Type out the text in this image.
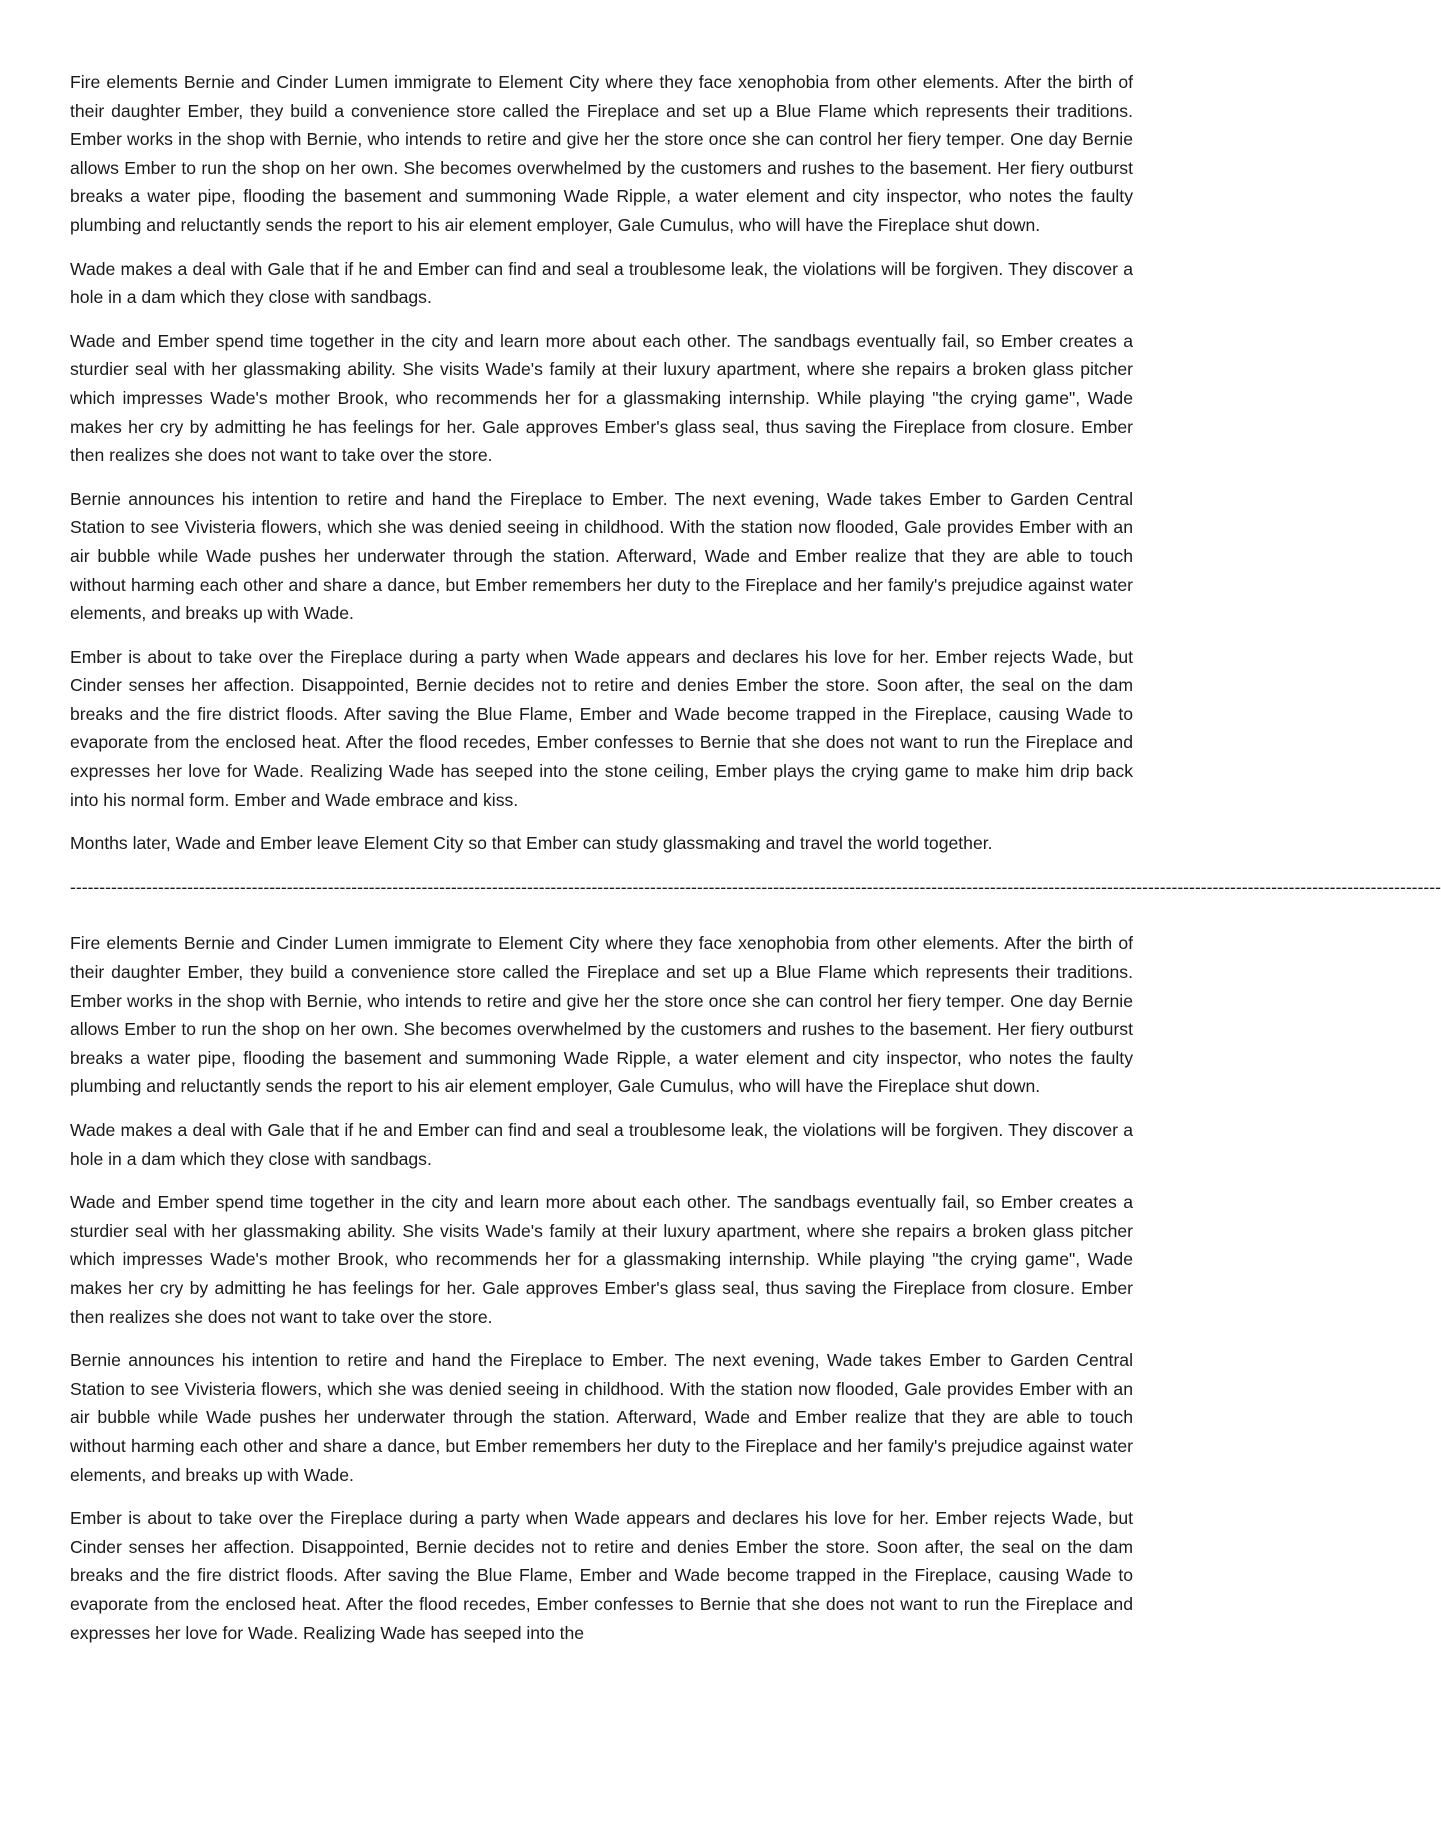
Fire elements Bernie and Cinder Lumen immigrate to Element City where they face xenophobia from other elements. After the birth of their daughter Ember, they build a convenience store called the Fireplace and set up a Blue Flame which represents their traditions. Ember works in the shop with Bernie, who intends to retire and give her the store once she can control her fiery temper. One day Bernie allows Ember to run the shop on her own. She becomes overwhelmed by the customers and rushes to the basement. Her fiery outburst breaks a water pipe, flooding the basement and summoning Wade Ripple, a water element and city inspector, who notes the faulty plumbing and reluctantly sends the report to his air element employer, Gale Cumulus, who will have the Fireplace shut down.

Wade makes a deal with Gale that if he and Ember can find and seal a troublesome leak, the violations will be forgiven. They discover a hole in a dam which they close with sandbags.

Wade and Ember spend time together in the city and learn more about each other. The sandbags eventually fail, so Ember creates a sturdier seal with her glassmaking ability. She visits Wade's family at their luxury apartment, where she repairs a broken glass pitcher which impresses Wade's mother Brook, who recommends her for a glassmaking internship. While playing "the crying game", Wade makes her cry by admitting he has feelings for her. Gale approves Ember's glass seal, thus saving the Fireplace from closure. Ember then realizes she does not want to take over the store.

Bernie announces his intention to retire and hand the Fireplace to Ember. The next evening, Wade takes Ember to Garden Central Station to see Vivisteria flowers, which she was denied seeing in childhood. With the station now flooded, Gale provides Ember with an air bubble while Wade pushes her underwater through the station. Afterward, Wade and Ember realize that they are able to touch without harming each other and share a dance, but Ember remembers her duty to the Fireplace and her family's prejudice against water elements, and breaks up with Wade.

Ember is about to take over the Fireplace during a party when Wade appears and declares his love for her. Ember rejects Wade, but Cinder senses her affection. Disappointed, Bernie decides not to retire and denies Ember the store. Soon after, the seal on the dam breaks and the fire district floods. After saving the Blue Flame, Ember and Wade become trapped in the Fireplace, causing Wade to evaporate from the enclosed heat. After the flood recedes, Ember confesses to Bernie that she does not want to run the Fireplace and expresses her love for Wade. Realizing Wade has seeped into the stone ceiling, Ember plays the crying game to make him drip back into his normal form. Ember and Wade embrace and kiss.

Months later, Wade and Ember leave Element City so that Ember can study glassmaking and travel the world together.

------------------------------------------------------------------------------------------------------------------------------------------------------------------------------------------------------------------------------------------

Fire elements Bernie and Cinder Lumen immigrate to Element City where they face xenophobia from other elements. After the birth of their daughter Ember, they build a convenience store called the Fireplace and set up a Blue Flame which represents their traditions. Ember works in the shop with Bernie, who intends to retire and give her the store once she can control her fiery temper. One day Bernie allows Ember to run the shop on her own. She becomes overwhelmed by the customers and rushes to the basement. Her fiery outburst breaks a water pipe, flooding the basement and summoning Wade Ripple, a water element and city inspector, who notes the faulty plumbing and reluctantly sends the report to his air element employer, Gale Cumulus, who will have the Fireplace shut down.

Wade makes a deal with Gale that if he and Ember can find and seal a troublesome leak, the violations will be forgiven. They discover a hole in a dam which they close with sandbags.

Wade and Ember spend time together in the city and learn more about each other. The sandbags eventually fail, so Ember creates a sturdier seal with her glassmaking ability. She visits Wade's family at their luxury apartment, where she repairs a broken glass pitcher which impresses Wade's mother Brook, who recommends her for a glassmaking internship. While playing "the crying game", Wade makes her cry by admitting he has feelings for her. Gale approves Ember's glass seal, thus saving the Fireplace from closure. Ember then realizes she does not want to take over the store.

Bernie announces his intention to retire and hand the Fireplace to Ember. The next evening, Wade takes Ember to Garden Central Station to see Vivisteria flowers, which she was denied seeing in childhood. With the station now flooded, Gale provides Ember with an air bubble while Wade pushes her underwater through the station. Afterward, Wade and Ember realize that they are able to touch without harming each other and share a dance, but Ember remembers her duty to the Fireplace and her family's prejudice against water elements, and breaks up with Wade.

Ember is about to take over the Fireplace during a party when Wade appears and declares his love for her. Ember rejects Wade, but Cinder senses her affection. Disappointed, Bernie decides not to retire and denies Ember the store. Soon after, the seal on the dam breaks and the fire district floods. After saving the Blue Flame, Ember and Wade become trapped in the Fireplace, causing Wade to evaporate from the enclosed heat. After the flood recedes, Ember confesses to Bernie that she does not want to run the Fireplace and expresses her love for Wade. Realizing Wade has seeped into the
